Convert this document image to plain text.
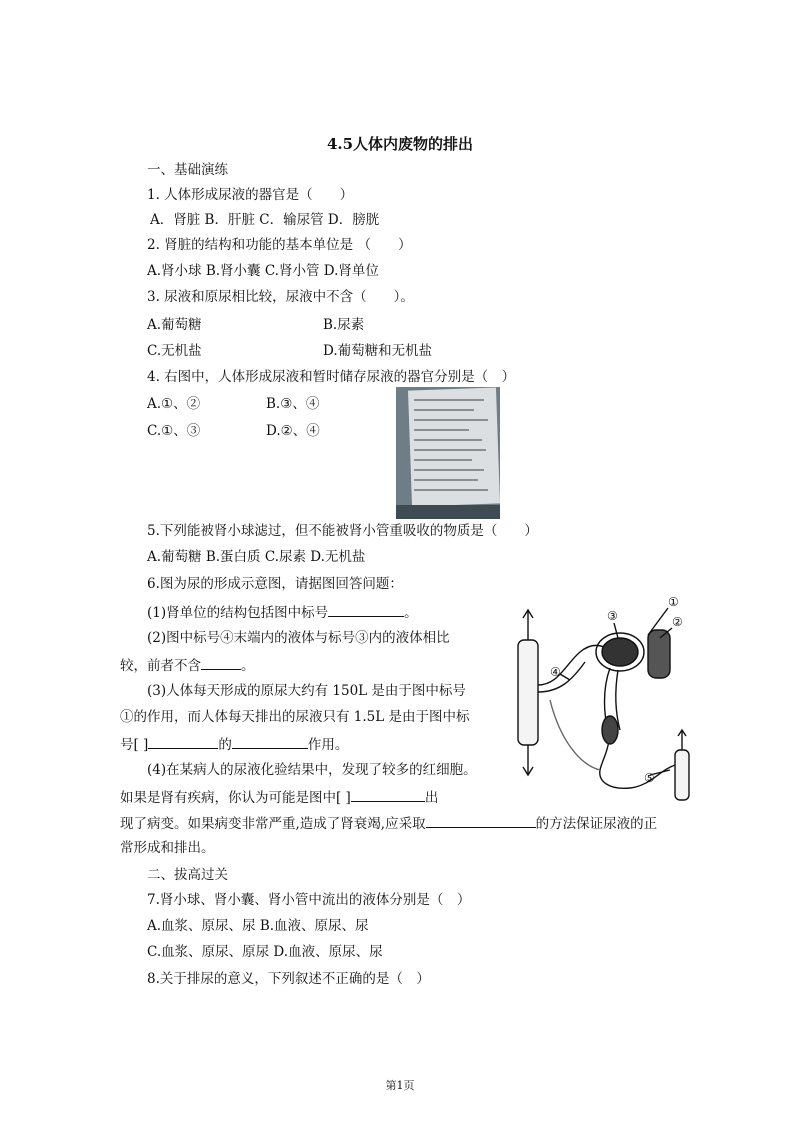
4.5人体内废物的排出
一、基础演练
1. 人体形成尿液的器官是（　　）
A．肾脏 B．肝脏 C．输尿管 D．膀胱
2. 肾脏的结构和功能的基本单位是 （　　）
A.肾小球 B.肾小囊 C.肾小管 D.肾单位
3. 尿液和原尿相比较，尿液中不含（　　）。
A.葡萄糖	B.尿素
C.无机盐	D.葡萄糖和无机盐
4. 右图中，人体形成尿液和暂时储存尿液的器官分别是（　）
A.①、②	B.③、④
C.①、③	D.②、④
5.下列能被肾小球滤过，但不能被肾小管重吸收的物质是（　　）
A.葡萄糖 B.蛋白质 C.尿素 D.无机盐
6.图为尿的形成示意图，请据图回答问题：
(1)肾单位的结构包括图中标号	。
(2)图中标号④末端内的液体与标号③内的液体相比
较，前者不含	。
(3)人体每天形成的原尿大约有 150L 是由于图中标号
①的作用，而人体每天排出的尿液只有 1.5L 是由于图中标
号[ ]	的	作用。
(4)在某病人的尿液化验结果中，发现了较多的红细胞。
如果是肾有疾病，你认为可能是图中[ ]	出
现了病变。如果病变非常严重,造成了肾衰竭,应采取	的方法保证尿液的正
常形成和排出。
①
②
③
④
⑤
二、拔高过关
7.肾小球、肾小囊、肾小管中流出的液体分别是（　）
A.血浆、原尿、尿 B.血液、原尿、尿
C.血浆、原尿、原尿 D.血液、原尿、尿
8.关于排尿的意义，下列叙述不正确的是（　）
第1页
